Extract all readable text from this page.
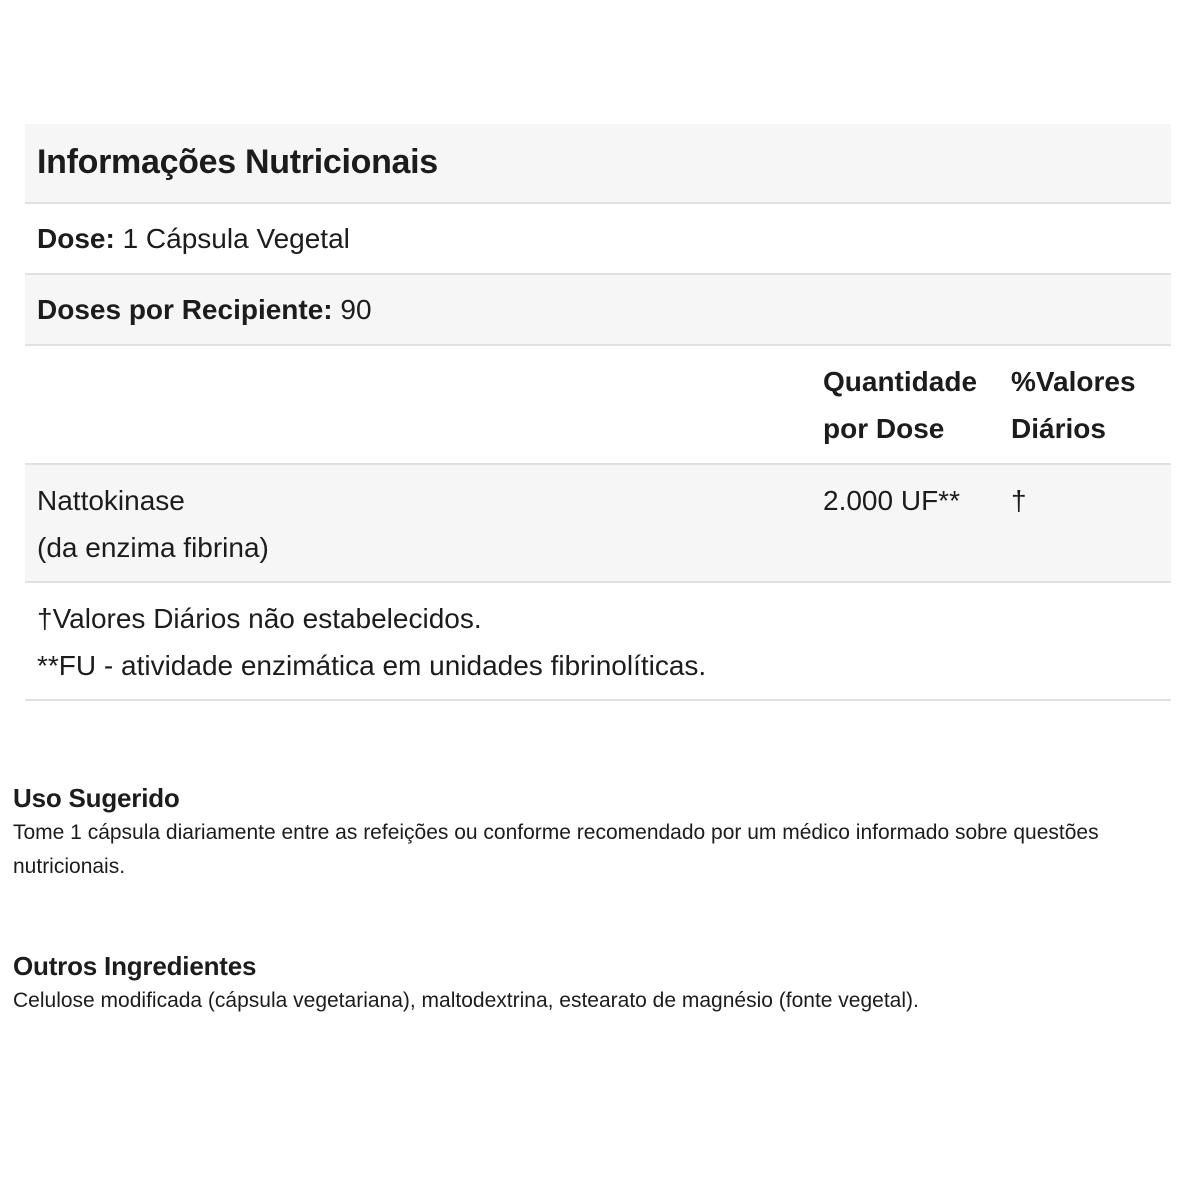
Informações Nutricionais
Dose: 1 Cápsula Vegetal
Doses por Recipiente: 90
Quantidade
por Dose
%Valores
Diários
Nattokinase
(da enzima fibrina)
2.000 UF**	†
†Valores Diários não estabelecidos.
**FU - atividade enzimática em unidades fibrinolíticas.
Uso Sugerido
Tome 1 cápsula diariamente entre as refeições ou conforme recomendado por um médico informado sobre questões nutricionais.
Outros Ingredientes
Celulose modificada (cápsula vegetariana), maltodextrina, estearato de magnésio (fonte vegetal).
